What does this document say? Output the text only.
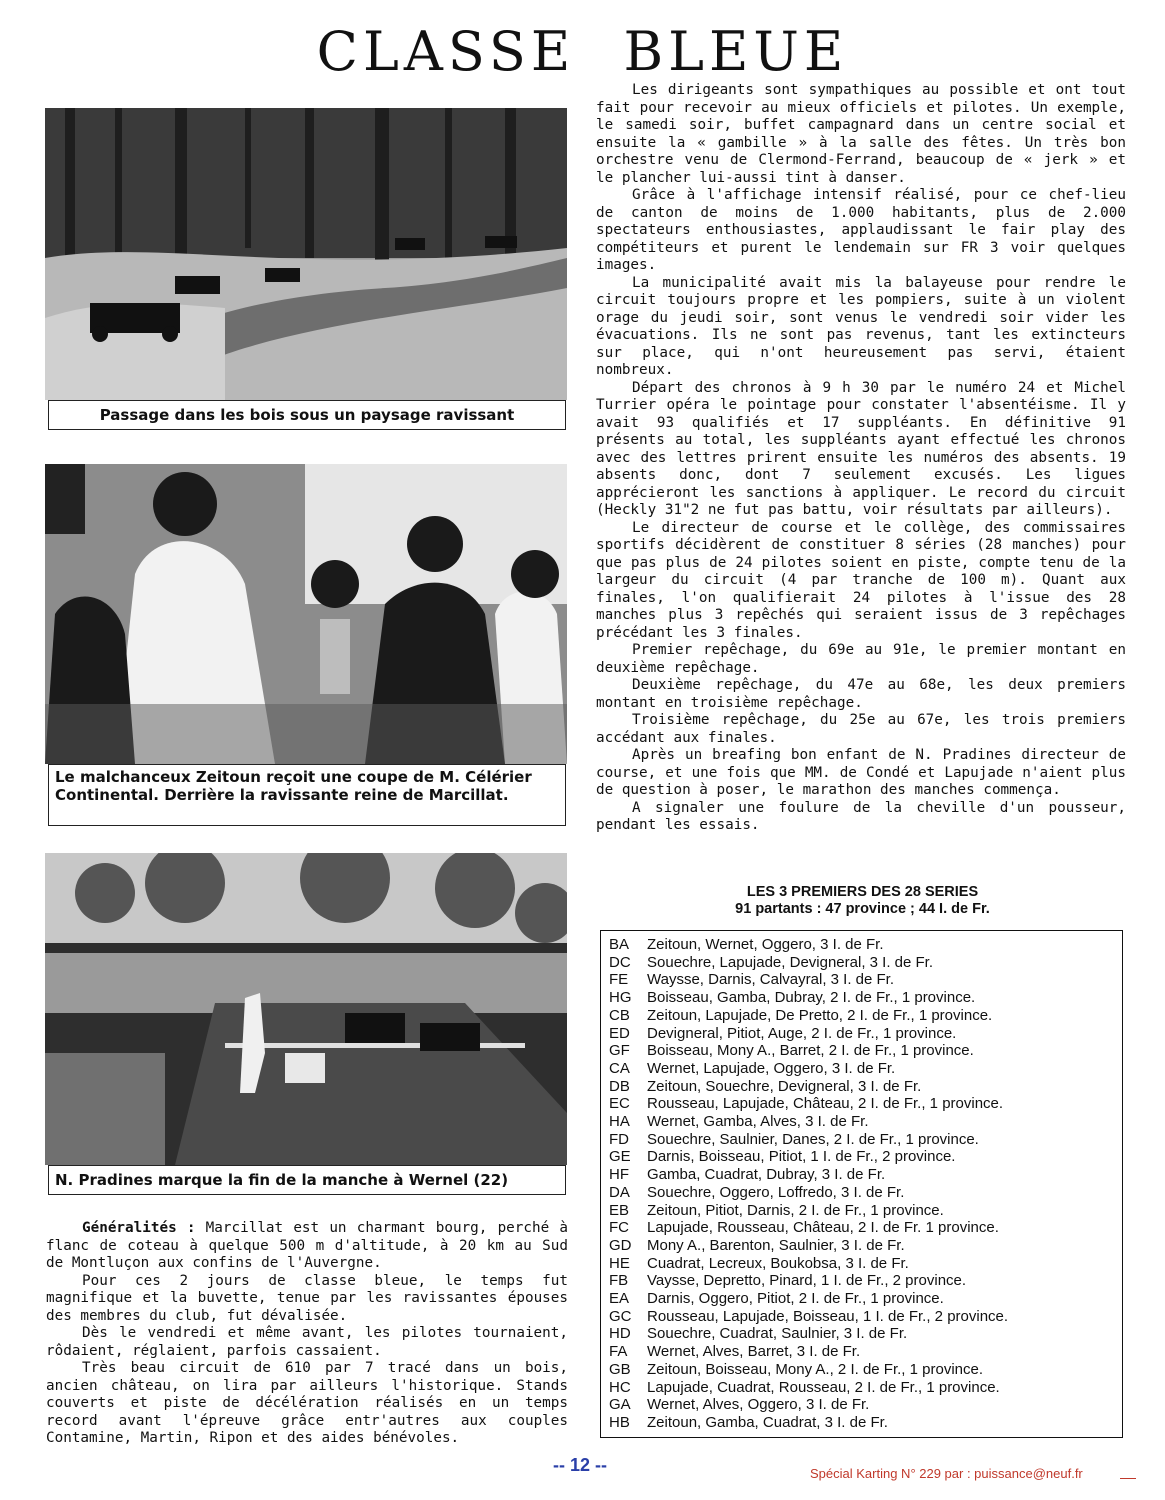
CLASSE BLEUE
Passage dans les bois sous un paysage ravissant
Le malchanceux Zeitoun reçoit une coupe de M. Célérier Continental. Derrière la ravissante reine de Marcillat.
N. Pradines marque la fin de la manche à Wernel (22)

Généralités : Marcillat est un charmant bourg, perché à flanc de coteau à quelque 500 m d'altitude, à 20 km au Sud de Montluçon aux confins de l'Auvergne.

Pour ces 2 jours de classe bleue, le temps fut magnifique et la buvette, tenue par les ravissantes épouses des membres du club, fut dévalisée.

Dès le vendredi et même avant, les pilotes tournaient, rôdaient, réglaient, parfois cassaient.

Très beau circuit de 610 par 7 tracé dans un bois, ancien château, on lira par ailleurs l'historique. Stands couverts et piste de décélération réalisés en un temps record avant l'épreuve grâce entr'autres aux couples Contamine, Martin, Ripon et des aides bénévoles.

Les dirigeants sont sympathiques au possible et ont tout fait pour recevoir au mieux officiels et pilotes. Un exemple, le samedi soir, buffet campagnard dans un centre social et ensuite la « gambille » à la salle des fêtes. Un très bon orchestre venu de Clermond-Ferrand, beaucoup de « jerk » et le plancher lui-aussi tint à danser.

Grâce à l'affichage intensif réalisé, pour ce chef-lieu de canton de moins de 1.000 habitants, plus de 2.000 spectateurs enthousiastes, applaudissant le fair play des compétiteurs et purent le lendemain sur FR 3 voir quelques images.

La municipalité avait mis la balayeuse pour rendre le circuit toujours propre et les pompiers, suite à un violent orage du jeudi soir, sont venus le vendredi soir vider les évacuations. Ils ne sont pas revenus, tant les extincteurs sur place, qui n'ont heureusement pas servi, étaient nombreux.

Départ des chronos à 9 h 30 par le numéro 24 et Michel Turrier opéra le pointage pour constater l'absentéisme. Il y avait 93 qualifiés et 17 suppléants. En définitive 91 présents au total, les suppléants ayant effectué les chronos avec des lettres prirent ensuite les numéros des absents. 19 absents donc, dont 7 seulement excusés. Les ligues apprécieront les sanctions à appliquer. Le record du circuit (Heckly 31"2 ne fut pas battu, voir résultats par ailleurs).

Le directeur de course et le collège, des commissaires sportifs décidèrent de constituer 8 séries (28 manches) pour que pas plus de 24 pilotes soient en piste, compte tenu de la largeur du circuit (4 par tranche de 100 m). Quant aux finales, l'on qualifierait 24 pilotes à l'issue des 28 manches plus 3 repêchés qui seraient issus de 3 repêchages précédant les 3 finales.

Premier repêchage, du 69e au 91e, le premier montant en deuxième repêchage.

Deuxième repêchage, du 47e au 68e, les deux premiers montant en troisième repêchage.

Troisième repêchage, du 25e au 67e, les trois premiers accédant aux finales.

Après un breafing bon enfant de N. Pradines directeur de course, et une fois que MM. de Condé et Lapujade n'aient plus de question à poser, le marathon des manches commença.

A signaler une foulure de la cheville d'un pousseur, pendant les essais.

LES 3 PREMIERS DES 28 SERIES
91 partants : 47 province ; 44 I. de Fr.
BA Zeitoun, Wernet, Oggero, 3 I. de Fr.
DC Souechre, Lapujade, Devigneral, 3 I. de Fr.
FE Waysse, Darnis, Calvayral, 3 I. de Fr.
HG Boisseau, Gamba, Dubray, 2 I. de Fr., 1 province.
CB Zeitoun, Lapujade, De Pretto, 2 I. de Fr., 1 province.
ED Devigneral, Pitiot, Auge, 2 I. de Fr., 1 province.
GF Boisseau, Mony A., Barret, 2 I. de Fr., 1 province.
CA Wernet, Lapujade, Oggero, 3 I. de Fr.
DB Zeitoun, Souechre, Devigneral, 3 I. de Fr.
EC Rousseau, Lapujade, Château, 2 I. de Fr., 1 province.
HA Wernet, Gamba, Alves, 3 I. de Fr.
FD Souechre, Saulnier, Danes, 2 I. de Fr., 1 province.
GE Darnis, Boisseau, Pitiot, 1 I. de Fr., 2 province.
HF Gamba, Cuadrat, Dubray, 3 I. de Fr.
DA Souechre, Oggero, Loffredo, 3 I. de Fr.
EB Zeitoun, Pitiot, Darnis, 2 I. de Fr., 1 province.
FC Lapujade, Rousseau, Château, 2 I. de Fr. 1 province.
GD Mony A., Barenton, Saulnier, 3 I. de Fr.
HE Cuadrat, Lecreux, Boukobsa, 3 I. de Fr.
FB Vaysse, Depretto, Pinard, 1 I. de Fr., 2 province.
EA Darnis, Oggero, Pitiot, 2 I. de Fr., 1 province.
GC Rousseau, Lapujade, Boisseau, 1 I. de Fr., 2 province.
HD Souechre, Cuadrat, Saulnier, 3 I. de Fr.
FA Wernet, Alves, Barret, 3 I. de Fr.
GB Zeitoun, Boisseau, Mony A., 2 I. de Fr., 1 province.
HC Lapujade, Cuadrat, Rousseau, 2 I. de Fr., 1 province.
GA Wernet, Alves, Oggero, 3 I. de Fr.
HB Zeitoun, Gamba, Cuadrat, 3 I. de Fr.
-- 12 --	Spécial Karting N° 229 par : puissance@neuf.fr
